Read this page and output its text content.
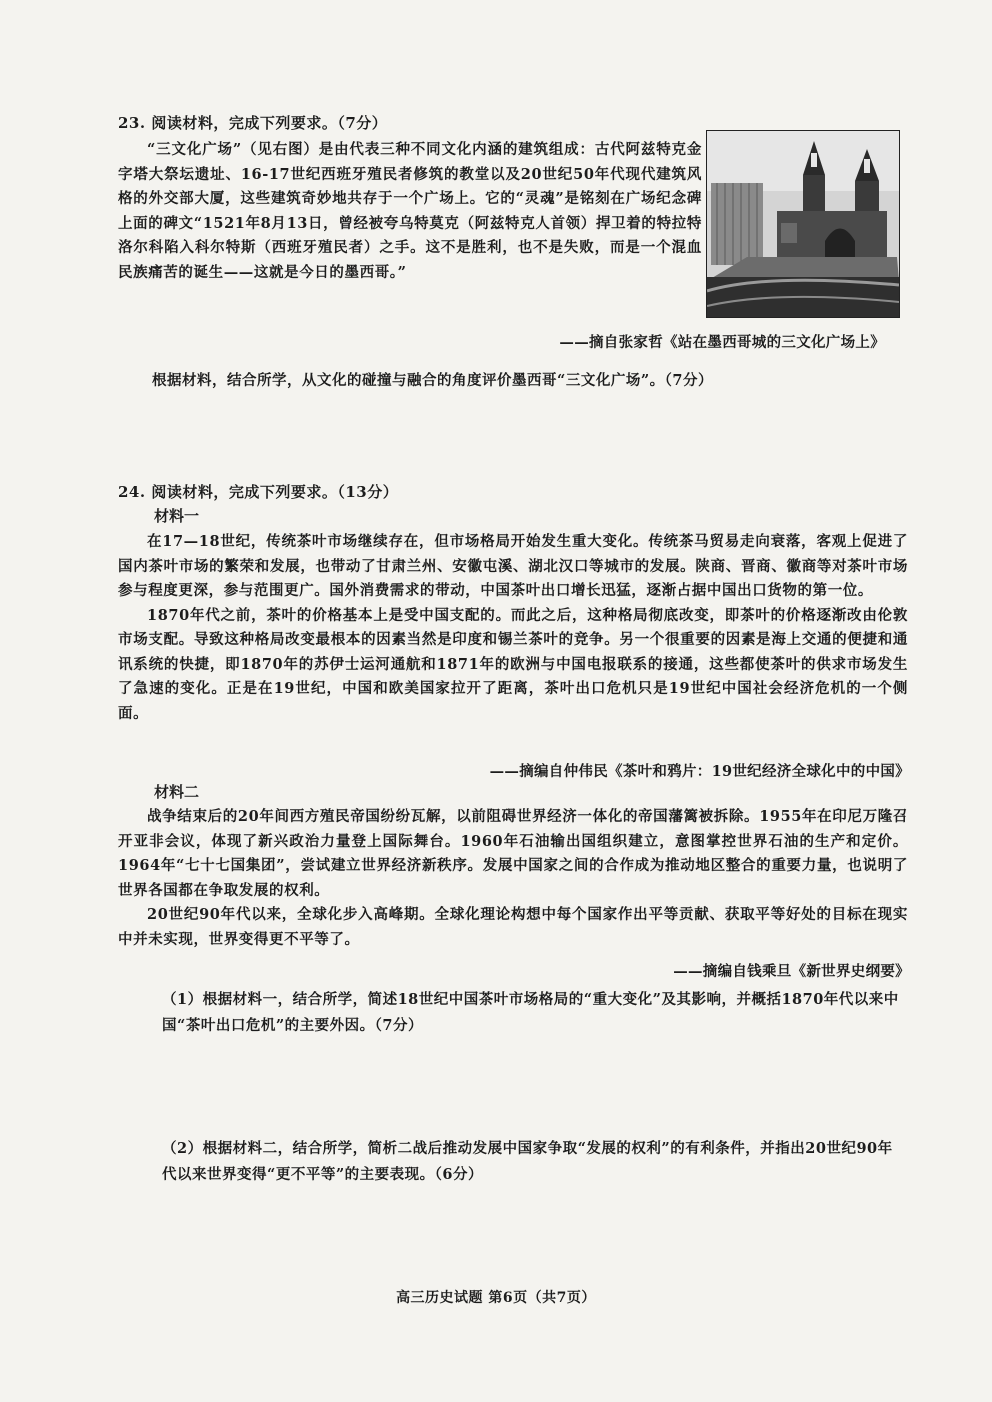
23. 阅读材料，完成下列要求。（7分）

“三文化广场”（见右图）是由代表三种不同文化内涵的建筑组成：古代阿兹特克金字塔大祭坛遗址、16-17世纪西班牙殖民者修筑的教堂以及20世纪50年代现代建筑风格的外交部大厦，这些建筑奇妙地共存于一个广场上。它的“灵魂”是铭刻在广场纪念碑上面的碑文“1521年8月13日，曾经被夸乌特莫克（阿兹特克人首领）捍卫着的特拉特洛尔科陷入科尔特斯（西班牙殖民者）之手。这不是胜利，也不是失败，而是一个混血民族痛苦的诞生——这就是今日的墨西哥。”

——摘自张家哲《站在墨西哥城的三文化广场上》
根据材料，结合所学，从文化的碰撞与融合的角度评价墨西哥“三文化广场”。（7分）
24. 阅读材料，完成下列要求。（13分）
材料一

在17—18世纪，传统茶叶市场继续存在，但市场格局开始发生重大变化。传统茶马贸易走向衰落，客观上促进了国内茶叶市场的繁荣和发展，也带动了甘肃兰州、安徽屯溪、湖北汉口等城市的发展。陕商、晋商、徽商等对茶叶市场参与程度更深，参与范围更广。国外消费需求的带动，中国茶叶出口增长迅猛，逐渐占据中国出口货物的第一位。

1870年代之前，茶叶的价格基本上是受中国支配的。而此之后，这种格局彻底改变，即茶叶的价格逐渐改由伦敦市场支配。导致这种格局改变最根本的因素当然是印度和锡兰茶叶的竞争。另一个很重要的因素是海上交通的便捷和通讯系统的快捷，即1870年的苏伊士运河通航和1871年的欧洲与中国电报联系的接通，这些都使茶叶的供求市场发生了急速的变化。正是在19世纪，中国和欧美国家拉开了距离，茶叶出口危机只是19世纪中国社会经济危机的一个侧面。

——摘编自仲伟民《茶叶和鸦片：19世纪经济全球化中的中国》
材料二

战争结束后的20年间西方殖民帝国纷纷瓦解，以前阻碍世界经济一体化的帝国藩篱被拆除。1955年在印尼万隆召开亚非会议，体现了新兴政治力量登上国际舞台。1960年石油输出国组织建立，意图掌控世界石油的生产和定价。1964年“七十七国集团”，尝试建立世界经济新秩序。发展中国家之间的合作成为推动地区整合的重要力量，也说明了世界各国都在争取发展的权利。

20世纪90年代以来，全球化步入高峰期。全球化理论构想中每个国家作出平等贡献、获取平等好处的目标在现实中并未实现，世界变得更不平等了。

——摘编自钱乘旦《新世界史纲要》
（1）根据材料一，结合所学，简述18世纪中国茶叶市场格局的“重大变化”及其影响，并概括1870年代以来中国“茶叶出口危机”的主要外因。（7分）
（2）根据材料二，结合所学，简析二战后推动发展中国家争取“发展的权利”的有利条件，并指出20世纪90年代以来世界变得“更不平等”的主要表现。（6分）
高三历史试题 第6页（共7页）
